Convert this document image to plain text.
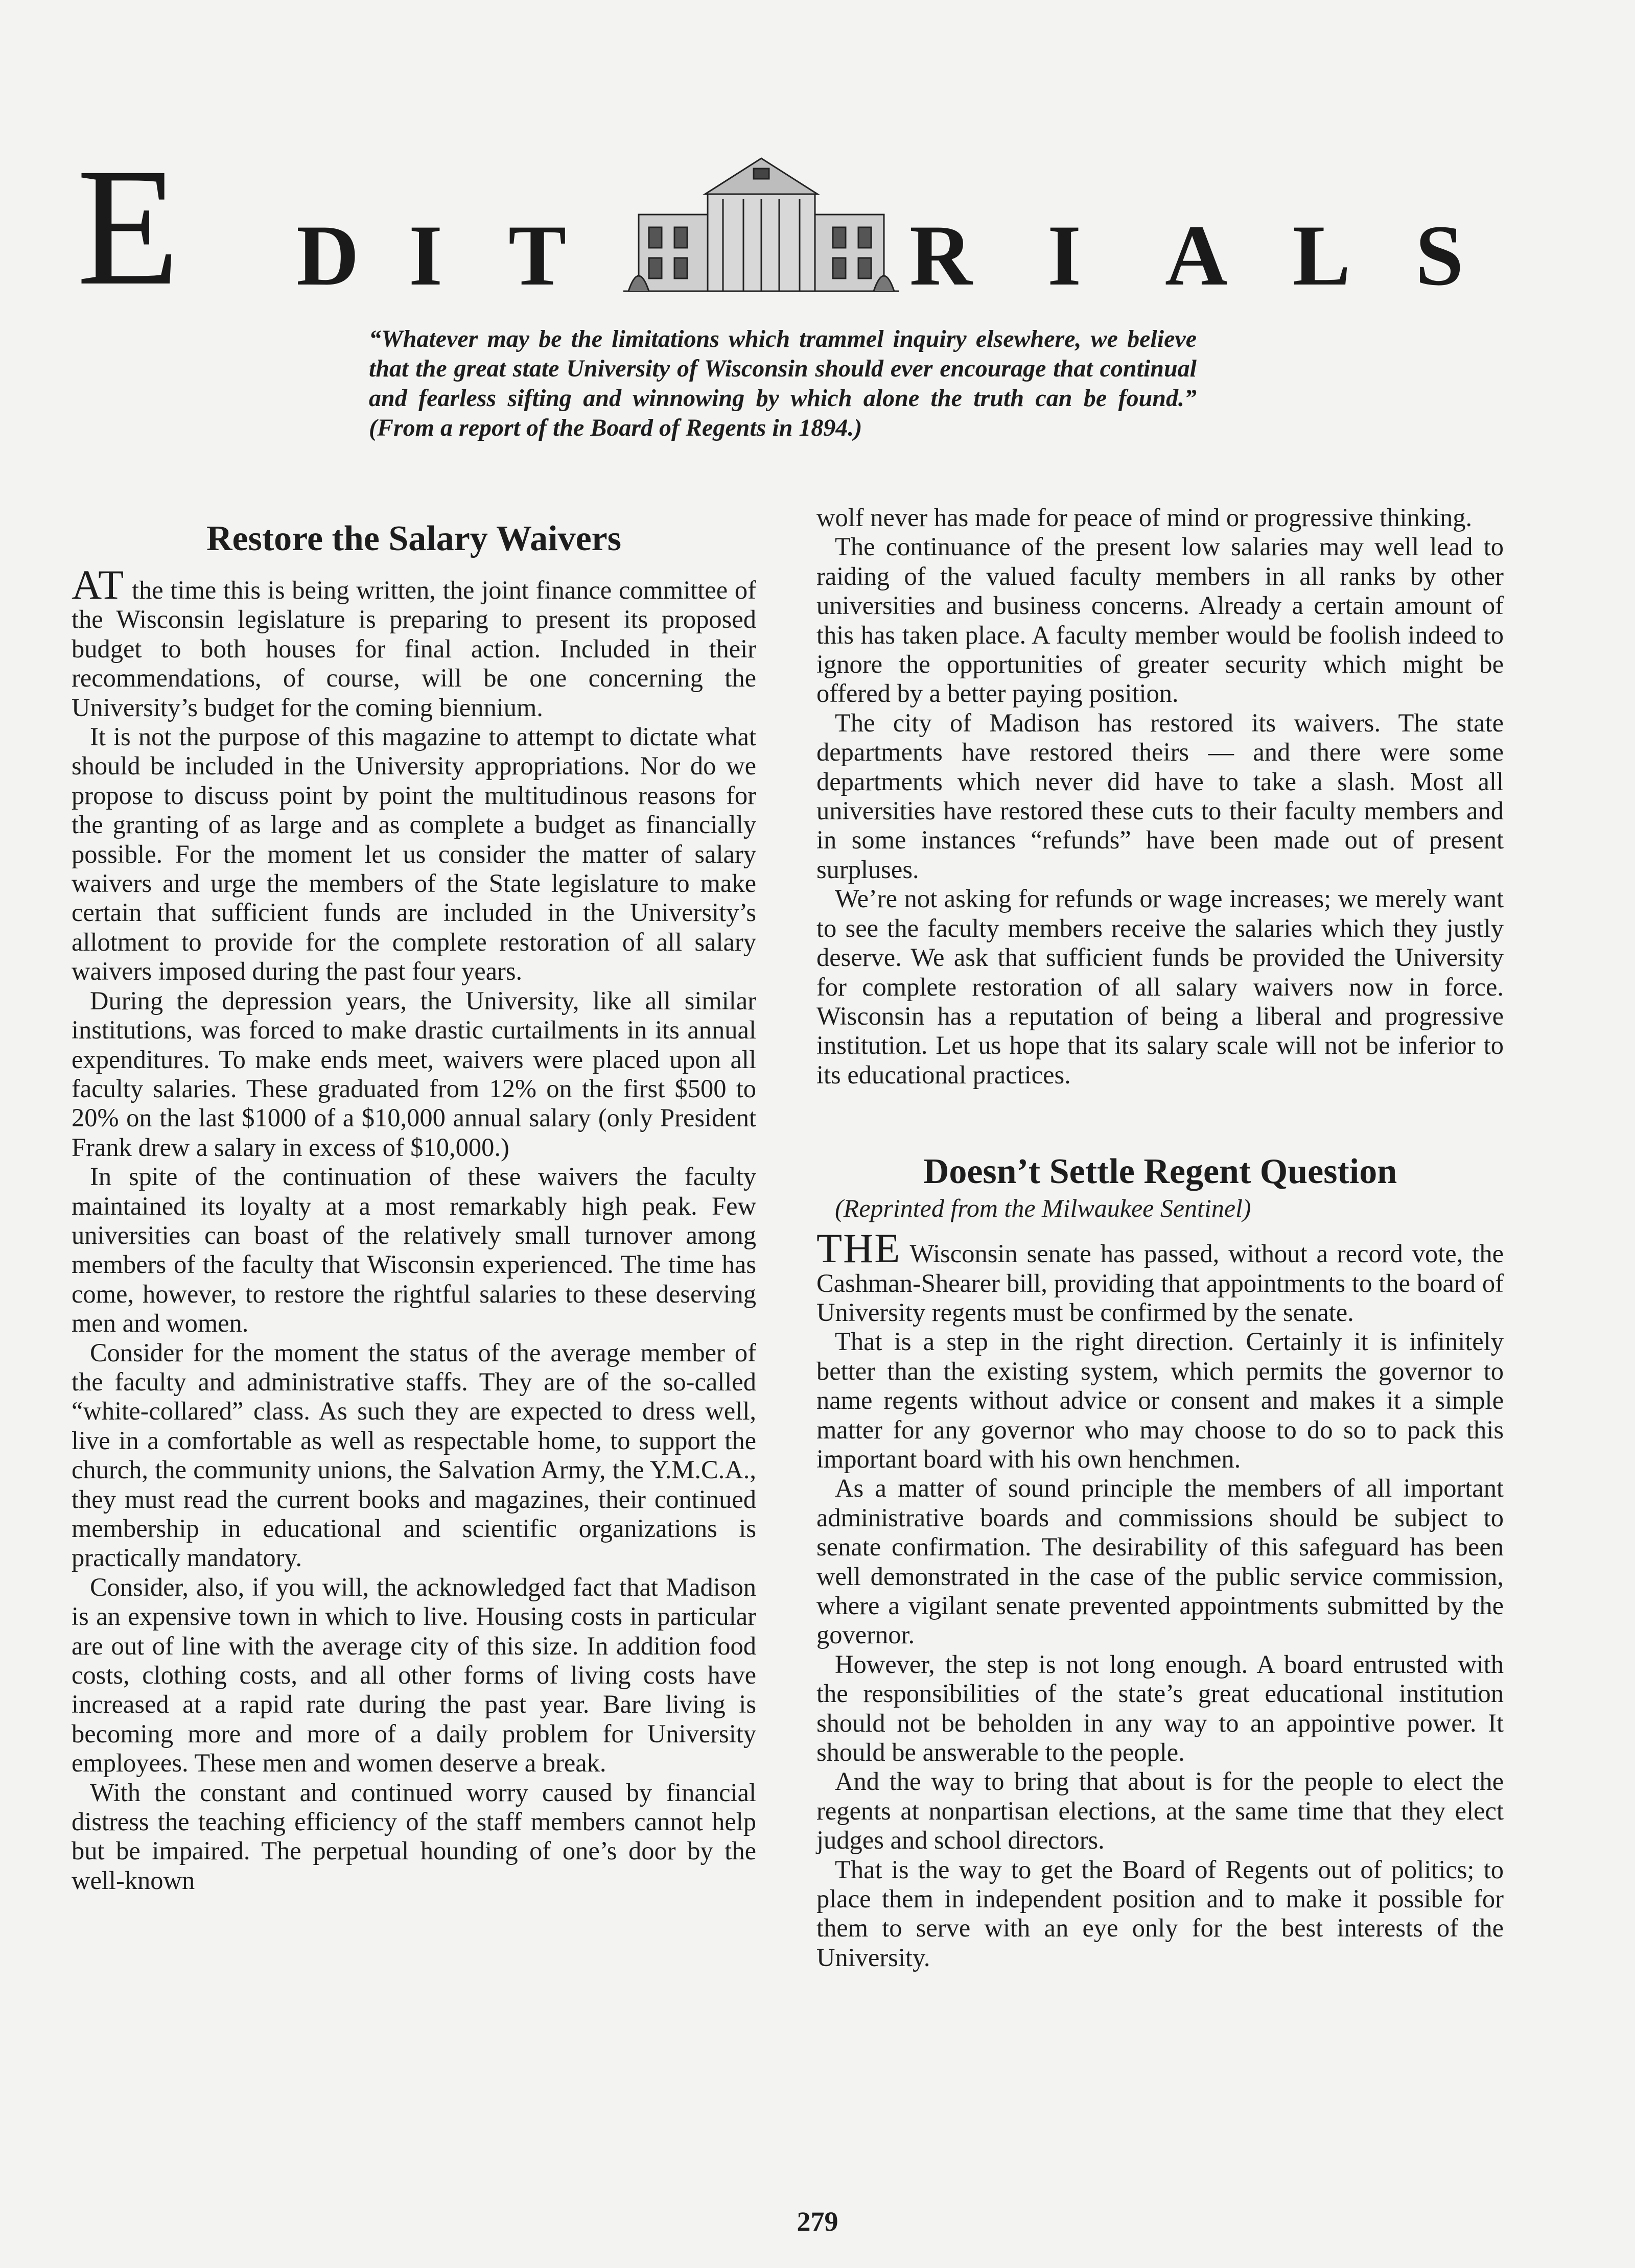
E D I T	R I A L S

“Whatever may be the limitations which trammel inquiry elsewhere, we believe that the great state University of Wisconsin should ever encourage that continual and fearless sifting and winnowing by which alone the truth can be found.” (From a report of the Board of Regents in 1894.)

Restore the Salary Waivers

AT the time this is being written, the joint finance committee of the Wisconsin legislature is preparing to present its proposed budget to both houses for final action. Included in their recommendations, of course, will be one concerning the University’s budget for the coming biennium.

It is not the purpose of this magazine to attempt to dictate what should be included in the University appropriations. Nor do we propose to discuss point by point the multitudinous reasons for the granting of as large and as complete a budget as financially possible. For the moment let us consider the matter of salary waivers and urge the members of the State legislature to make certain that sufficient funds are included in the University’s allotment to provide for the complete restoration of all salary waivers imposed during the past four years.

During the depression years, the University, like all similar institutions, was forced to make drastic curtailments in its annual expenditures. To make ends meet, waivers were placed upon all faculty salaries. These graduated from 12% on the first $500 to 20% on the last $1000 of a $10,000 annual salary (only President Frank drew a salary in excess of $10,000.)

In spite of the continuation of these waivers the faculty maintained its loyalty at a most remarkably high peak. Few universities can boast of the relatively small turnover among members of the faculty that Wisconsin experienced. The time has come, however, to restore the rightful salaries to these deserving men and women.

Consider for the moment the status of the average member of the faculty and administrative staffs. They are of the so-called “white-collared” class. As such they are expected to dress well, live in a comfortable as well as respectable home, to support the church, the community unions, the Salvation Army, the Y.M.C.A., they must read the current books and magazines, their continued membership in educational and scientific organizations is practically mandatory.

Consider, also, if you will, the acknowledged fact that Madison is an expensive town in which to live. Housing costs in particular are out of line with the average city of this size. In addition food costs, clothing costs, and all other forms of living costs have increased at a rapid rate during the past year. Bare living is becoming more and more of a daily problem for University employees. These men and women deserve a break.

With the constant and continued worry caused by financial distress the teaching efficiency of the staff members cannot help but be impaired. The perpetual hounding of one’s door by the well-known

wolf never has made for peace of mind or progressive thinking.

The continuance of the present low salaries may well lead to raiding of the valued faculty members in all ranks by other universities and business concerns. Already a certain amount of this has taken place. A faculty member would be foolish indeed to ignore the opportunities of greater security which might be offered by a better paying position.

The city of Madison has restored its waivers. The state departments have restored theirs — and there were some departments which never did have to take a slash. Most all universities have restored these cuts to their faculty members and in some instances “refunds” have been made out of present surpluses.

We’re not asking for refunds or wage increases; we merely want to see the faculty members receive the salaries which they justly deserve. We ask that sufficient funds be provided the University for complete restoration of all salary waivers now in force. Wisconsin has a reputation of being a liberal and progressive institution. Let us hope that its salary scale will not be inferior to its educational practices.

Doesn’t Settle Regent Question

(Reprinted from the Milwaukee Sentinel)

THE Wisconsin senate has passed, without a record vote, the Cashman-Shearer bill, providing that appointments to the board of University regents must be confirmed by the senate.

That is a step in the right direction. Certainly it is infinitely better than the existing system, which permits the governor to name regents without advice or consent and makes it a simple matter for any governor who may choose to do so to pack this important board with his own henchmen.

As a matter of sound principle the members of all important administrative boards and commissions should be subject to senate confirmation. The desirability of this safeguard has been well demonstrated in the case of the public service commission, where a vigilant senate prevented appointments submitted by the governor.

However, the step is not long enough. A board entrusted with the responsibilities of the state’s great educational institution should not be beholden in any way to an appointive power. It should be answerable to the people.

And the way to bring that about is for the people to elect the regents at nonpartisan elections, at the same time that they elect judges and school directors.

That is the way to get the Board of Regents out of politics; to place them in independent position and to make it possible for them to serve with an eye only for the best interests of the University.

279
